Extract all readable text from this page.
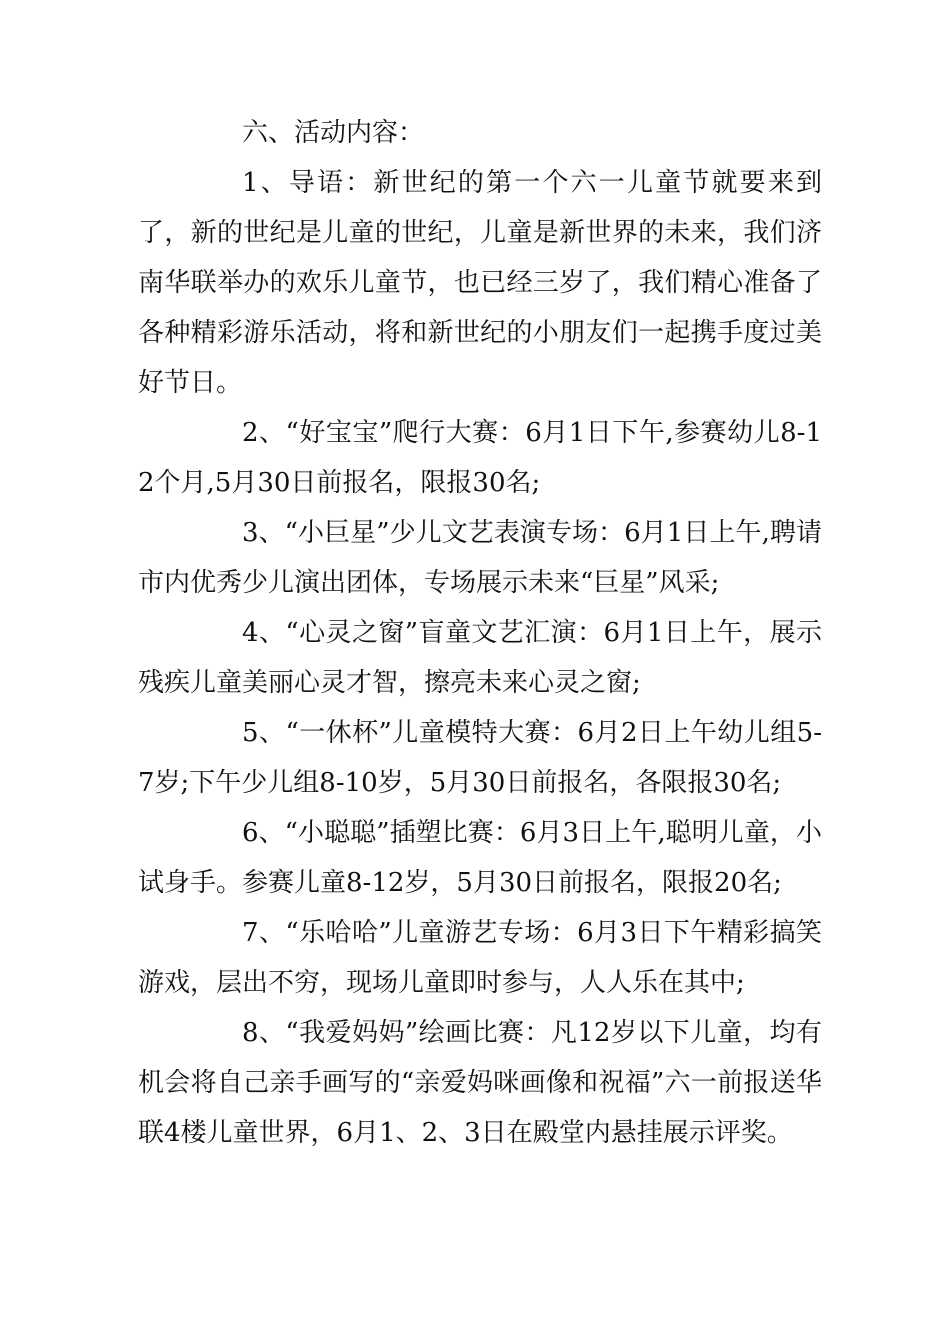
六、活动内容：

1、导语：新世纪的第一个六一儿童节就要来到了，新的世纪是儿童的世纪，儿童是新世界的未来，我们济南华联举办的欢乐儿童节，也已经三岁了，我们精心准备了各种精彩游乐活动，将和新世纪的小朋友们一起携手度过美好节日。

2、“好宝宝”爬行大赛：6月1日下午,参赛幼儿8-12个月,5月30日前报名，限报30名;

3、“小巨星”少儿文艺表演专场：6月1日上午,聘请市内优秀少儿演出团体，专场展示未来“巨星”风采;

4、“心灵之窗”盲童文艺汇演：6月1日上午，展示残疾儿童美丽心灵才智，擦亮未来心灵之窗;

5、“一休杯”儿童模特大赛：6月2日上午幼儿组5-7岁;下午少儿组8-10岁，5月30日前报名，各限报30名;

6、“小聪聪”插塑比赛：6月3日上午,聪明儿童，小试身手。参赛儿童8-12岁，5月30日前报名，限报20名;

7、“乐哈哈”儿童游艺专场：6月3日下午精彩搞笑游戏，层出不穷，现场儿童即时参与，人人乐在其中;

8、“我爱妈妈”绘画比赛：凡12岁以下儿童，均有机会将自己亲手画写的“亲爱妈咪画像和祝福”六一前报送华联4楼儿童世界，6月1、2、3日在殿堂内悬挂展示评奖。
